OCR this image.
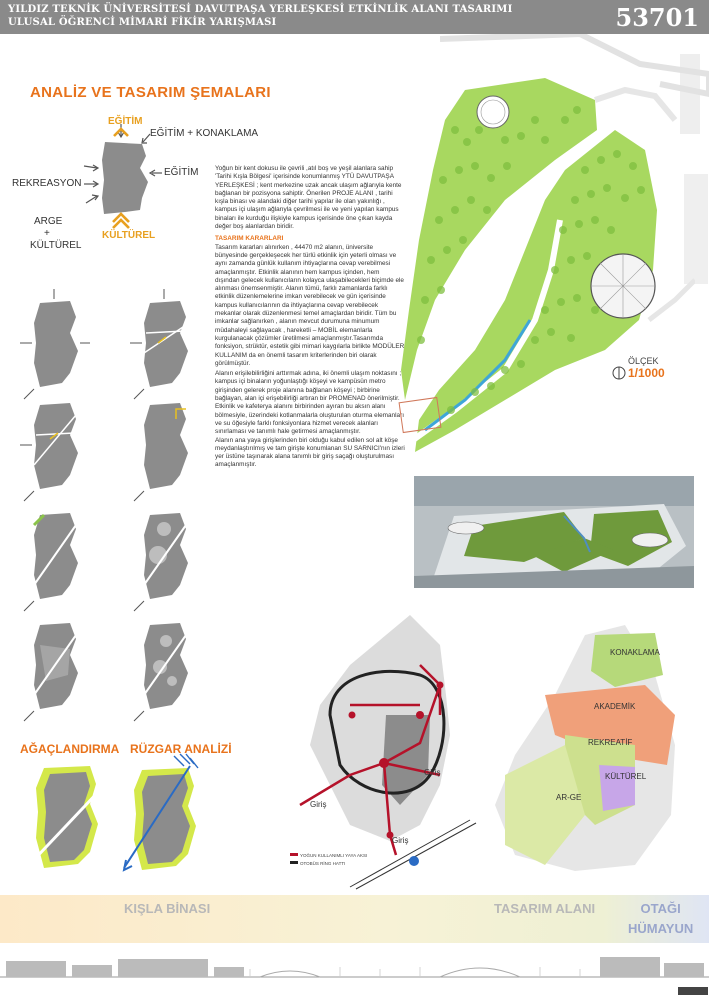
YILDIZ TEKNİK ÜNİVERSİTESİ DAVUTPAŞA YERLEŞKESİ ETKİNLİK ALANI TASARIMI
ULUSAL ÖĞRENCİ MİMARİ FİKİR YARIŞMASI	53701
ANALİZ VE TASARIM ŞEMALARI
EĞİTİM
EĞİTİM + KONAKLAMA
EĞİTİM
REKREASYON
ARGE
+
KÜLTÜREL
KÜLTÜREL

Yoğun bir kent dokusu ile çevrili ,atıl boş ve yeşil alanlara sahip 'Tarihi Kışla Bölgesi' içerisinde konumlanmış YTÜ DAVUTPAŞA YERLEŞKESİ ; kent merkezine uzak ancak ulaşım ağlarıyla kente bağlanan bir pozisyona sahiptir. Önerilen PROJE ALANI , tarihi kışla binası ve alandaki diğer tarihi yapılar ile olan yakınlığı , kampus içi ulaşım ağlarıyla çevrilmesi ile ve yeni yapılan kampus binaları ile kurduğu ilişkiyle kampus içerisinde öne çıkan kayda değer boş alanlardan biridir.

TASARIM KARARLARI

Tasarım kararları alınırken , 44470 m2 alanın, üniversite bünyesinde gerçekleşecek her türlü etkinlik için yeterli olması ve aynı zamanda günlük kullanım ihtiyaçlarına cevap verebilmesi amaçlanmıştır. Etkinlik alanının hem kampus içinden, hem dışından gelecek kullanıcıların kolayca ulaşabilecekleri biçimde ele alınması önemsenmiştir. Alanın tümü, farklı zamanlarda farklı etkinlik düzenlemelerine imkan verebilecek ve gün içerisinde kampus kullanıcılarının da ihtiyaçlarına cevap verebilecek mekanlar olarak düzenlenmesi temel amaçlardan biridir. Tüm bu imkanlar sağlanırken , alanın mevcut durumuna minumum müdahaleyi sağlayacak , hareketli – MOBİL elemanlarla kurgulanacak çözümler üretilmesi amaçlanmıştır.Tasarımda fonksiyon, strüktür, estetik gibi mimari kaygılarla birlikte MODÜLER KULLANIM da en önemli tasarım kriterlerinden biri olarak görülmüştür.

Alanın erişilebilirliğini arttırmak adına, iki önemli ulaşım noktasını ; kampus içi binaların yoğunlaştığı köşeyi ve kampüsün metro girişinden gelerek proje alanına bağlanan köşeyi ; birbirine bağlayan, alan içi erişebilirliği artıran bir PROMENAD önerilmiştir. Etkinlik ve kafeterya alanını birbirinden ayıran bu aksın alanı bölmesiyle, üzerindeki kotlanmalarla oluşturulan oturma elemanları ve su öğesiyle farklı fonksiyonlara hizmet verecek alanları sınırlaması ve tanımlı hale getirmesi amaçlanmıştır.

Alanın ana yaya girişlerinden biri olduğu kabul edilen sol alt köşe meydanlaştırılmış ve tam girişte konumlanan SU SARNICI'nın izleri yer üstüne taşınarak alana tanımlı bir giriş saçağı oluşturulması amaçlanmıştır.

AĞAÇLANDIRMA RÜZGAR ANALİZİ
ÖLÇEK
1/1000
Giriş
Giriş
Giriş
YOĞUN KULLANIMLI YAYA AKSI
OTOBÜS RİNG HATTI
KONAKLAMA
AKADEMİK
REKREATİF
KÜLTÜREL
AR-GE
KIŞLA BİNASI	TASARIM ALANI	OTAĞI
HÜMAYUN
